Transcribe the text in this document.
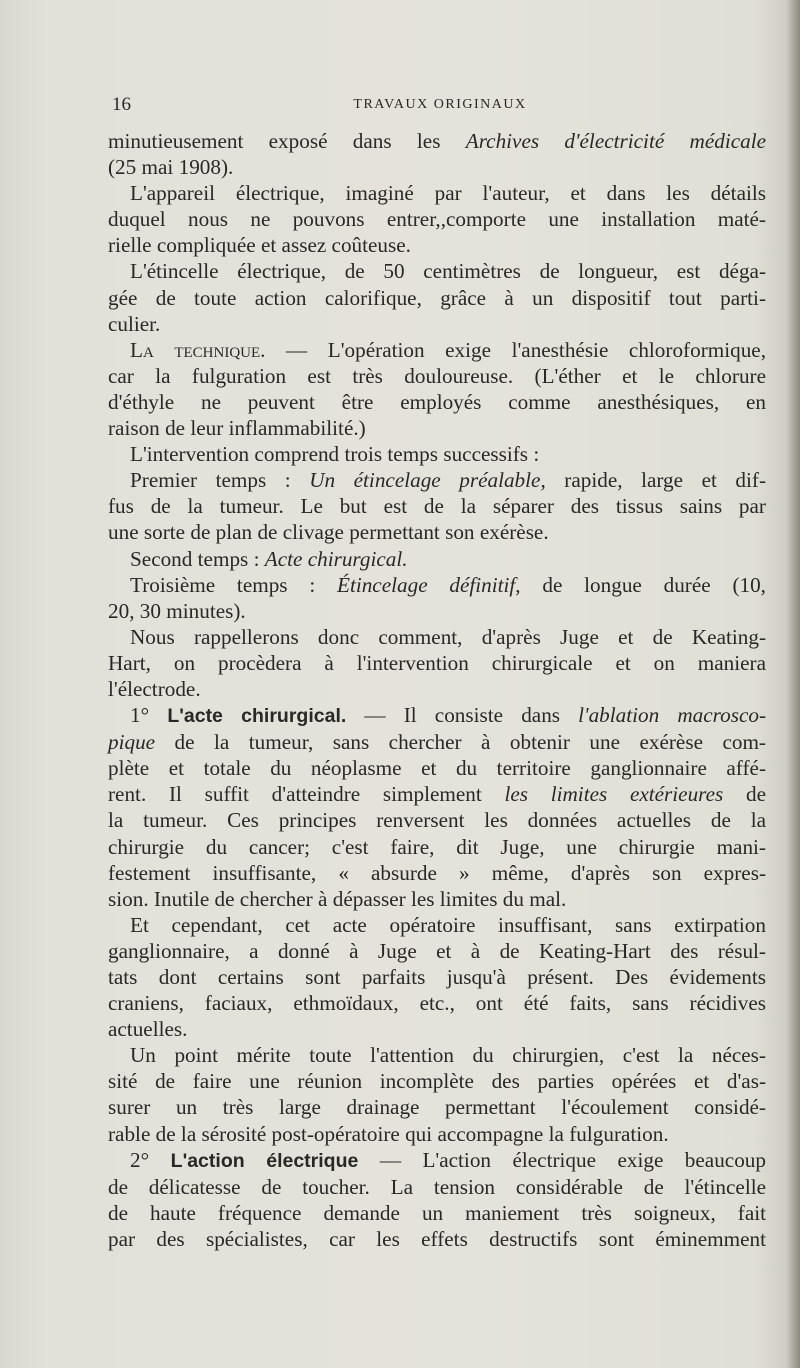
16	TRAVAUX ORIGINAUX
minutieusement exposé dans les Archives d'électricité médicale
(25 mai 1908).
L'appareil électrique, imaginé par l'auteur, et dans les détails
duquel nous ne pouvons entrer,,comporte une installation maté-
rielle compliquée et assez coûteuse.
L'étincelle électrique, de 50 centimètres de longueur, est déga-
gée de toute action calorifique, grâce à un dispositif tout parti-
culier.
La technique. — L'opération exige l'anesthésie chloroformique,
car la fulguration est très douloureuse. (L'éther et le chlorure
d'éthyle ne peuvent être employés comme anesthésiques, en
raison de leur inflammabilité.)
L'intervention comprend trois temps successifs :
Premier temps : Un étincelage préalable, rapide, large et dif-
fus de la tumeur. Le but est de la séparer des tissus sains par
une sorte de plan de clivage permettant son exérèse.
Second temps : Acte chirurgical.
Troisième temps : Étincelage définitif, de longue durée (10,
20, 30 minutes).
Nous rappellerons donc comment, d'après Juge et de Keating-
Hart, on procèdera à l'intervention chirurgicale et on maniera
l'électrode.
1° L'acte chirurgical. — Il consiste dans l'ablation macrosco-
pique de la tumeur, sans chercher à obtenir une exérèse com-
plète et totale du néoplasme et du territoire ganglionnaire affé-
rent. Il suffit d'atteindre simplement les limites extérieures de
la tumeur. Ces principes renversent les données actuelles de la
chirurgie du cancer; c'est faire, dit Juge, une chirurgie mani-
festement insuffisante, « absurde » même, d'après son expres-
sion. Inutile de chercher à dépasser les limites du mal.
Et cependant, cet acte opératoire insuffisant, sans extirpation
ganglionnaire, a donné à Juge et à de Keating-Hart des résul-
tats dont certains sont parfaits jusqu'à présent. Des évidements
craniens, faciaux, ethmoïdaux, etc., ont été faits, sans récidives
actuelles.
Un point mérite toute l'attention du chirurgien, c'est la néces-
sité de faire une réunion incomplète des parties opérées et d'as-
surer un très large drainage permettant l'écoulement considé-
rable de la sérosité post-opératoire qui accompagne la fulguration.
2° L'action électrique — L'action électrique exige beaucoup
de délicatesse de toucher. La tension considérable de l'étincelle
de haute fréquence demande un maniement très soigneux, fait
par des spécialistes, car les effets destructifs sont éminemment
